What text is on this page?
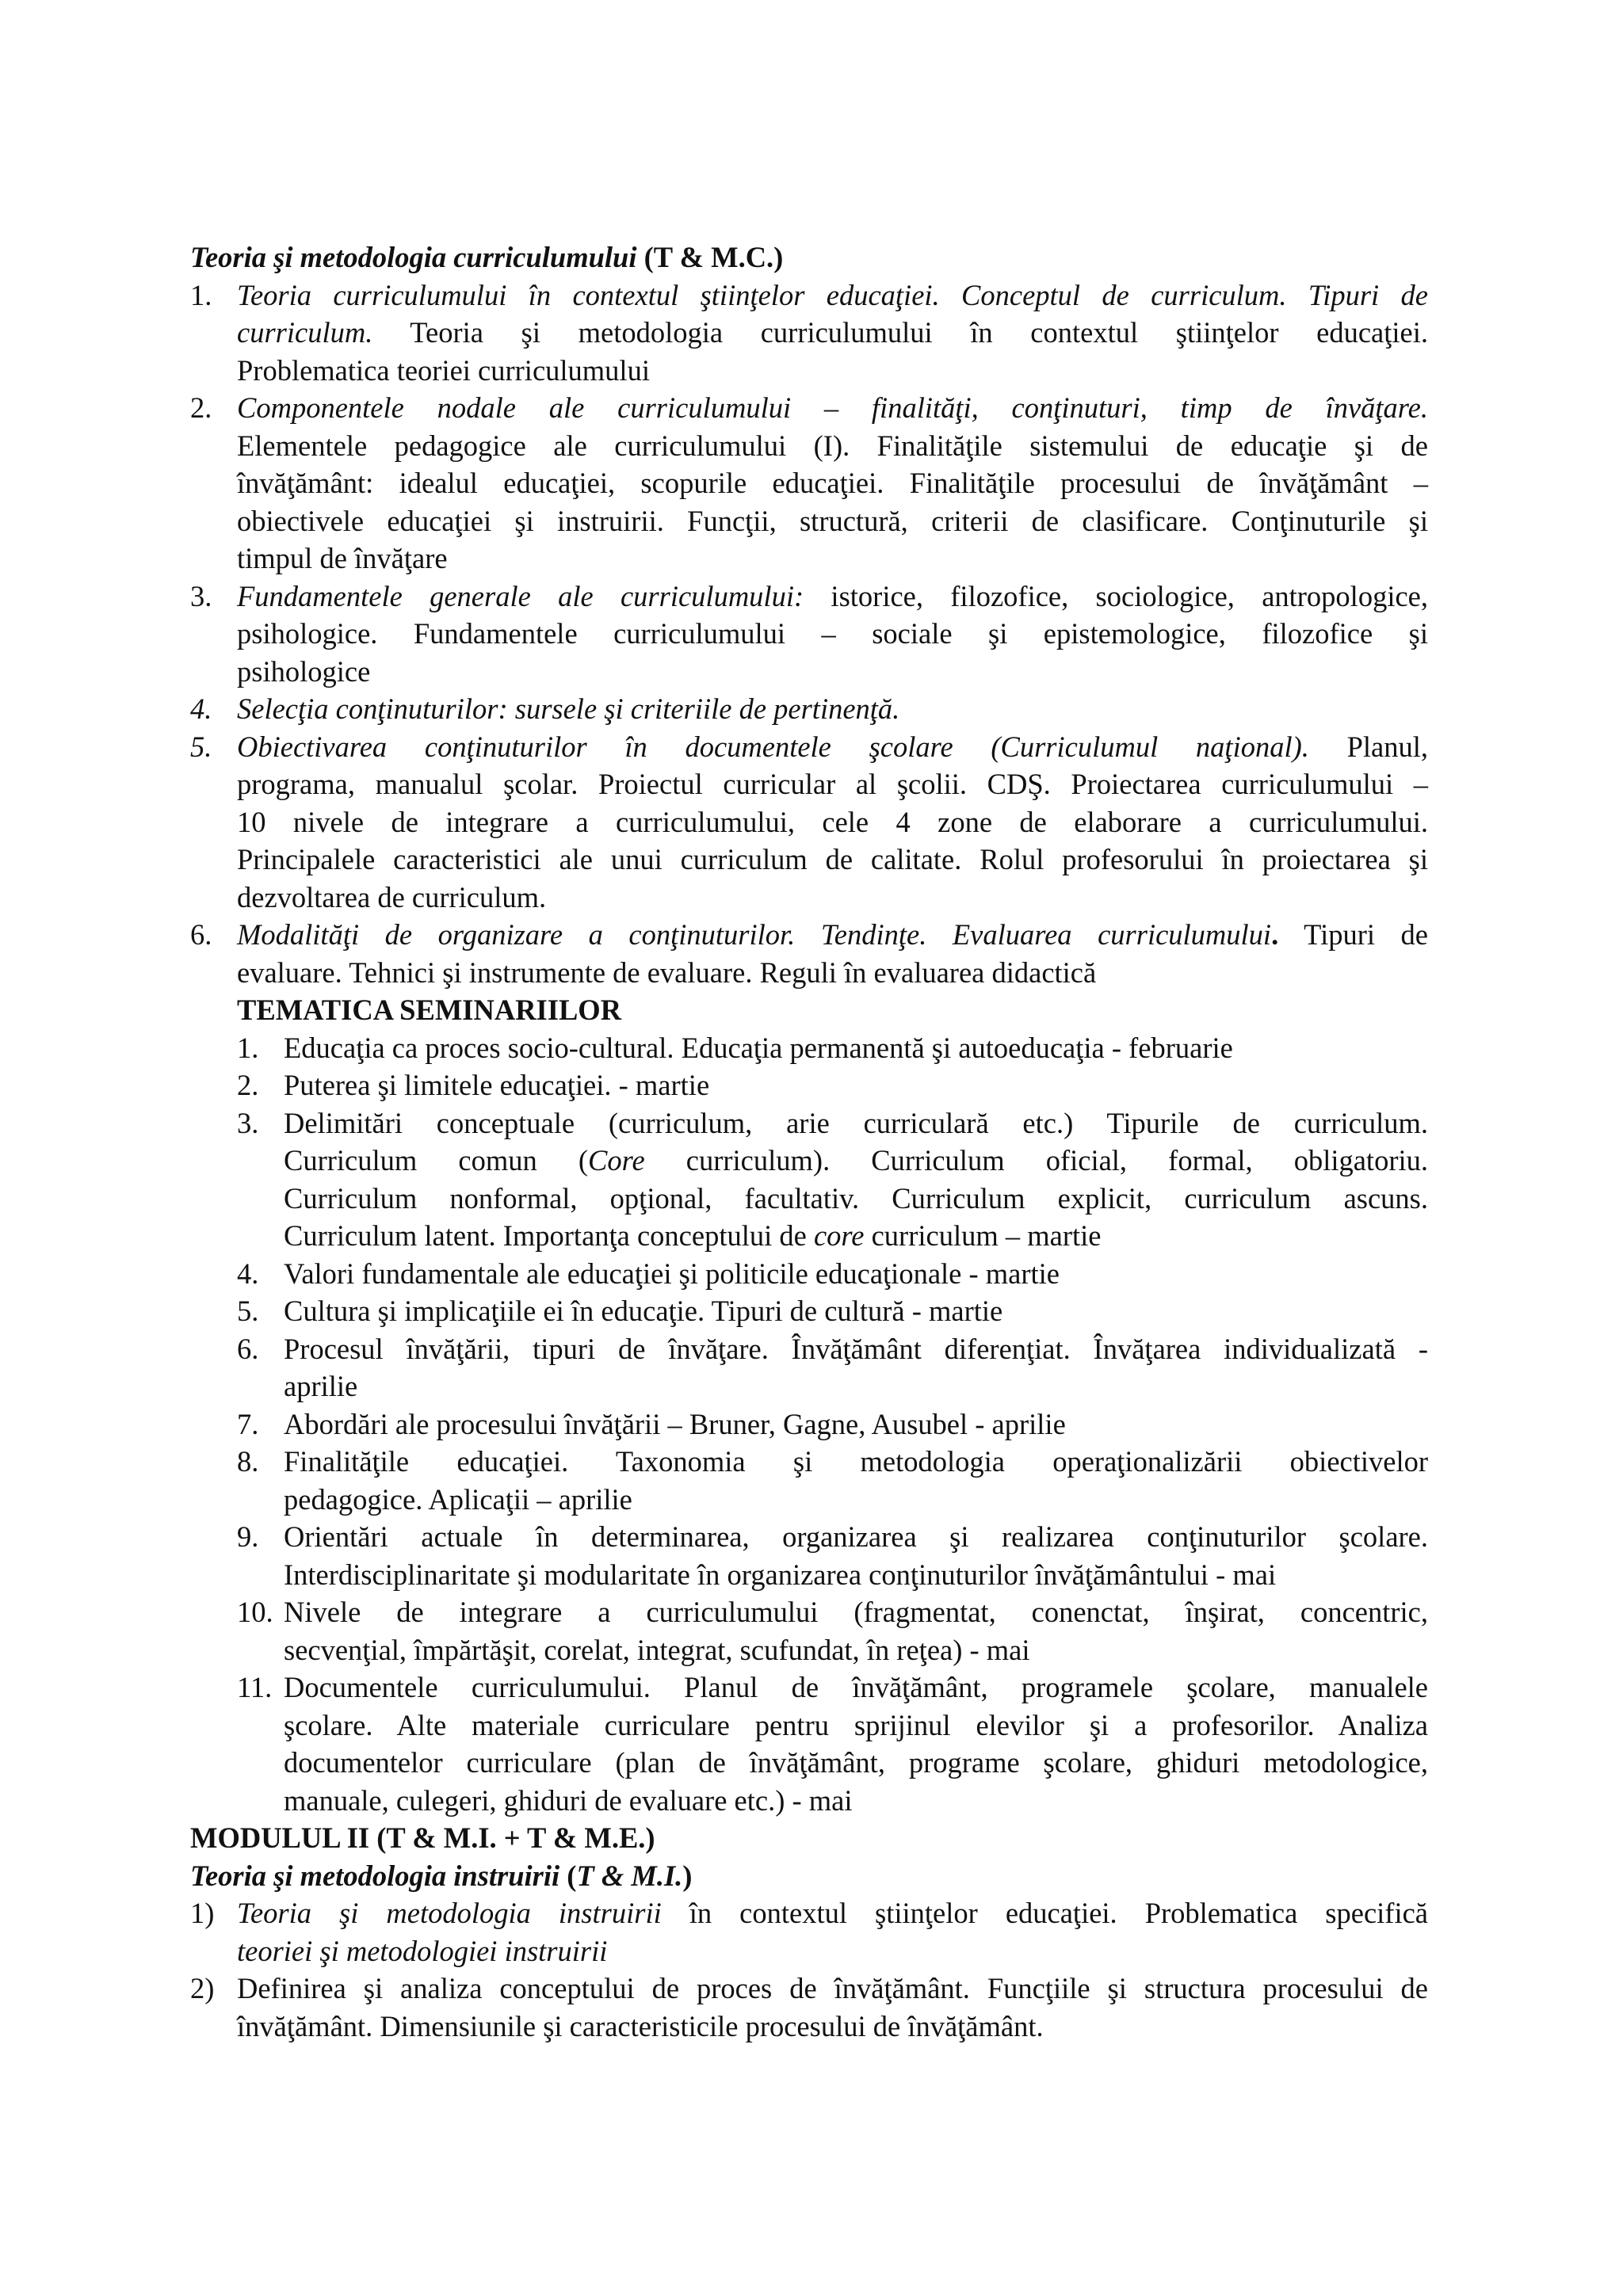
Teoria şi metodologia curriculumului (T & M.C.)
1. Teoria curriculumului în contextul ştiinţelor educaţiei. Conceptul de curriculum. Tipuri de
curriculum. Teoria şi metodologia curriculumului în contextul ştiinţelor educaţiei.
Problematica teoriei curriculumului
2. Componentele nodale ale curriculumului – finalităţi, conţinuturi, timp de învăţare.
Elementele pedagogice ale curriculumului (I). Finalităţile sistemului de educaţie şi de
învăţământ: idealul educaţiei, scopurile educaţiei. Finalităţile procesului de învăţământ –
obiectivele educaţiei şi instruirii. Funcţii, structură, criterii de clasificare. Conţinuturile şi
timpul de învăţare
3. Fundamentele generale ale curriculumului: istorice, filozofice, sociologice, antropologice,
psihologice. Fundamentele curriculumului – sociale şi epistemologice, filozofice şi
psihologice
4. Selecţia conţinuturilor: sursele şi criteriile de pertinenţă.
5. Obiectivarea conţinuturilor în documentele şcolare (Curriculumul naţional). Planul,
programa, manualul şcolar. Proiectul curricular al şcolii. CDŞ. Proiectarea curriculumului –
10 nivele de integrare a curriculumului, cele 4 zone de elaborare a curriculumului.
Principalele caracteristici ale unui curriculum de calitate. Rolul profesorului în proiectarea şi
dezvoltarea de curriculum.
6. Modalităţi de organizare a conţinuturilor. Tendinţe. Evaluarea curriculumului. Tipuri de
evaluare. Tehnici şi instrumente de evaluare. Reguli în evaluarea didactică
TEMATICA SEMINARIILOR
1. Educaţia ca proces socio-cultural. Educaţia permanentă şi autoeducaţia - februarie
2. Puterea şi limitele educaţiei. - martie
3. Delimitări conceptuale (curriculum, arie curriculară etc.) Tipurile de curriculum.
Curriculum comun (Core curriculum). Curriculum oficial, formal, obligatoriu.
Curriculum nonformal, opţional, facultativ. Curriculum explicit, curriculum ascuns.
Curriculum latent. Importanţa conceptului de core curriculum – martie
4. Valori fundamentale ale educaţiei şi politicile educaţionale - martie
5. Cultura şi implicaţiile ei în educaţie. Tipuri de cultură - martie
6. Procesul învăţării, tipuri de învăţare. Învăţământ diferenţiat. Învăţarea individualizată -
aprilie
7. Abordări ale procesului învăţării – Bruner, Gagne, Ausubel - aprilie
8. Finalităţile educaţiei. Taxonomia şi metodologia operaţionalizării obiectivelor
pedagogice. Aplicaţii – aprilie
9. Orientări actuale în determinarea, organizarea şi realizarea conţinuturilor şcolare.
Interdisciplinaritate şi modularitate în organizarea conţinuturilor învăţământului - mai
10. Nivele de integrare a curriculumului (fragmentat, conenctat, înşirat, concentric,
secvenţial, împărtăşit, corelat, integrat, scufundat, în reţea) - mai
11. Documentele curriculumului. Planul de învăţământ, programele şcolare, manualele
şcolare. Alte materiale curriculare pentru sprijinul elevilor şi a profesorilor. Analiza
documentelor curriculare (plan de învăţământ, programe şcolare, ghiduri metodologice,
manuale, culegeri, ghiduri de evaluare etc.) - mai
MODULUL II (T & M.I. + T & M.E.)
Teoria şi metodologia instruirii (T & M.I.)
1) Teoria şi metodologia instruirii în contextul ştiinţelor educaţiei. Problematica specifică
teoriei şi metodologiei instruirii
2) Definirea şi analiza conceptului de proces de învăţământ. Funcţiile şi structura procesului de
învăţământ. Dimensiunile şi caracteristicile procesului de învăţământ.
